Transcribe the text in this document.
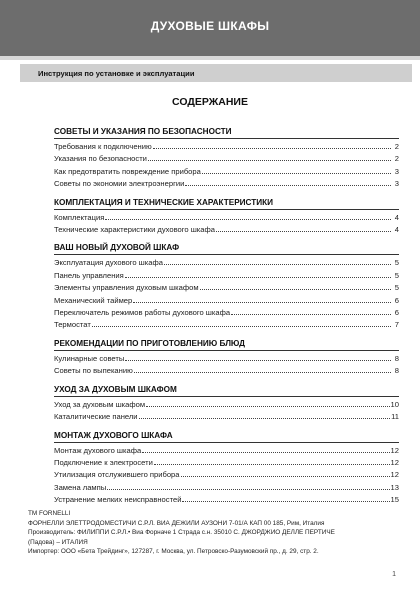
ДУХОВЫЕ ШКАФЫ
Инструкция по установке и эксплуатации
СОДЕРЖАНИЕ
СОВЕТЫ И УКАЗАНИЯ ПО БЕЗОПАСНОСТИ
Требования к подключению	2
Указания по безопасности	2
Как предотвратить повреждение прибора	3
Советы по экономии электроэнергии	3
КОМПЛЕКТАЦИЯ И ТЕХНИЧЕСКИЕ ХАРАКТЕРИСТИКИ
Комплектация	4
Технические характеристики духового шкафа	4
ВАШ НОВЫЙ ДУХОВОЙ ШКАФ
Эксплуатация духового шкафа	5
Панель управления	5
Элементы управления духовым шкафом	5
Механический таймер	6
Переключатель режимов работы духового шкафа	6
Термостат	7
РЕКОМЕНДАЦИИ ПО ПРИГОТОВЛЕНИЮ БЛЮД
Кулинарные советы	8
Советы по выпеканию	8
УХОД ЗА ДУХОВЫМ ШКАФОМ
Уход за духовым шкафом	10
Каталитические панели	11
МОНТАЖ ДУХОВОГО ШКАФА
Монтаж духового шкафа	12
Подключение к электросети	12
Утилизация отслужившего прибора	12
Замена лампы	13
Устранение мелких неисправностей	15
TM FORNELLI
ФОРНЕЛЛИ ЭЛЕТТРОДОМЕСТИЧИ С.Р.Л. ВИА ДЕЖИЛИ АУЗОНИ 7-01/А КАП 00 185, Рим, Италия
Производитель: ФИЛИППИ С.Р.Л.• Виа Форначе 1 Страда с.н. 35010 С. ДЖОРДЖИО ДЕЛЛЕ ПЕРТИЧЕ
(Падова) – ИТАЛИЯ
Импортер: ООО «Бета Трейдинг», 127287, г. Москва, ул. Петровско-Разумовский пр., д. 29, стр. 2.
1
